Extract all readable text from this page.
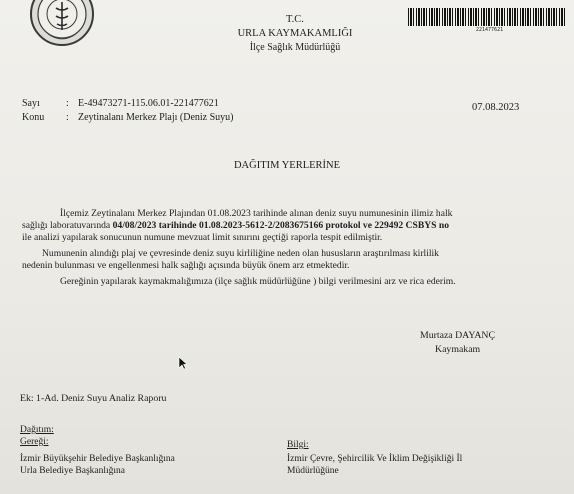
221477621
T.C.
URLA KAYMAKAMLIĞI
İlçe Sağlık Müdürlüğü
Sayı	: E-49473271-115.06.01-221477621
Konu : Zeytinalanı Merkez Plajı (Deniz Suyu)
07.08.2023
DAĞITIM YERLERİNE
İlçemiz Zeytinalanı Merkez Plajından 01.08.2023 tarihinde alınan deniz suyu numunesinin ilimiz halk
sağlığı laboratuvarında 04/08/2023 tarihinde 01.08.2023-5612-2/2083675166 protokol ve 229492 CSBYS no
ile analizi yapılarak sonucunun numune mevzuat limit sınırını geçtiği raporla tespit edilmiştir.
Numunenin alındığı plaj ve çevresinde deniz suyu kirliliğine neden olan hususların araştırılması kirlilik
nedenin bulunması ve engellenmesi halk sağlığı açısında büyük önem arz etmektedir.
Gereğinin yapılarak kaymakmalığımıza (ilçe sağlık müdürlüğüne ) bilgi verilmesini arz ve rica ederim.
Murtaza DAYANÇ
Kaymakam
Ek: 1-Ad. Deniz Suyu Analiz Raporu
Dağıtım:
Gereği:
İzmir Büyükşehir Belediye Başkanlığına
Urla Belediye Başkanlığına
Bilgi:
İzmir Çevre, Şehircilik Ve İklim Değişikliği İl
Müdürlüğüne
